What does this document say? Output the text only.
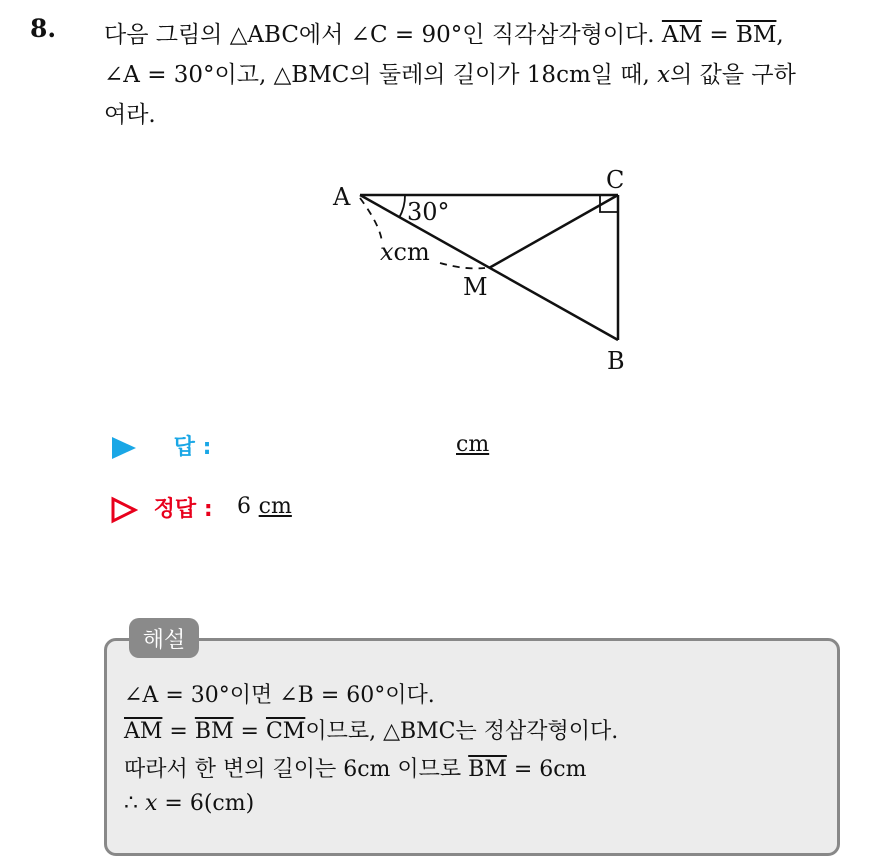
8. 다음 그림의 △ABC에서 ∠C = 90°인 직각삼각형이다. $\overline{AM} = \overline{BM}$,
∠A = 30°이고, △BMC의 둘레의 길이가 18cm일 때, x의 값을 구하
여라.
A
C
B
M
30°
xcm
답 :	cm
정답 : 6 cm
해설
∠A = 30°이면 ∠B = 60°이다.
$\overline{AM} = \overline{BM} = \overline{CM}$이므로, △BMC는 정삼각형이다.
따라서 한 변의 길이는 6cm 이므로 $\overline{BM} = 6cm$
∴ x = 6(cm)
